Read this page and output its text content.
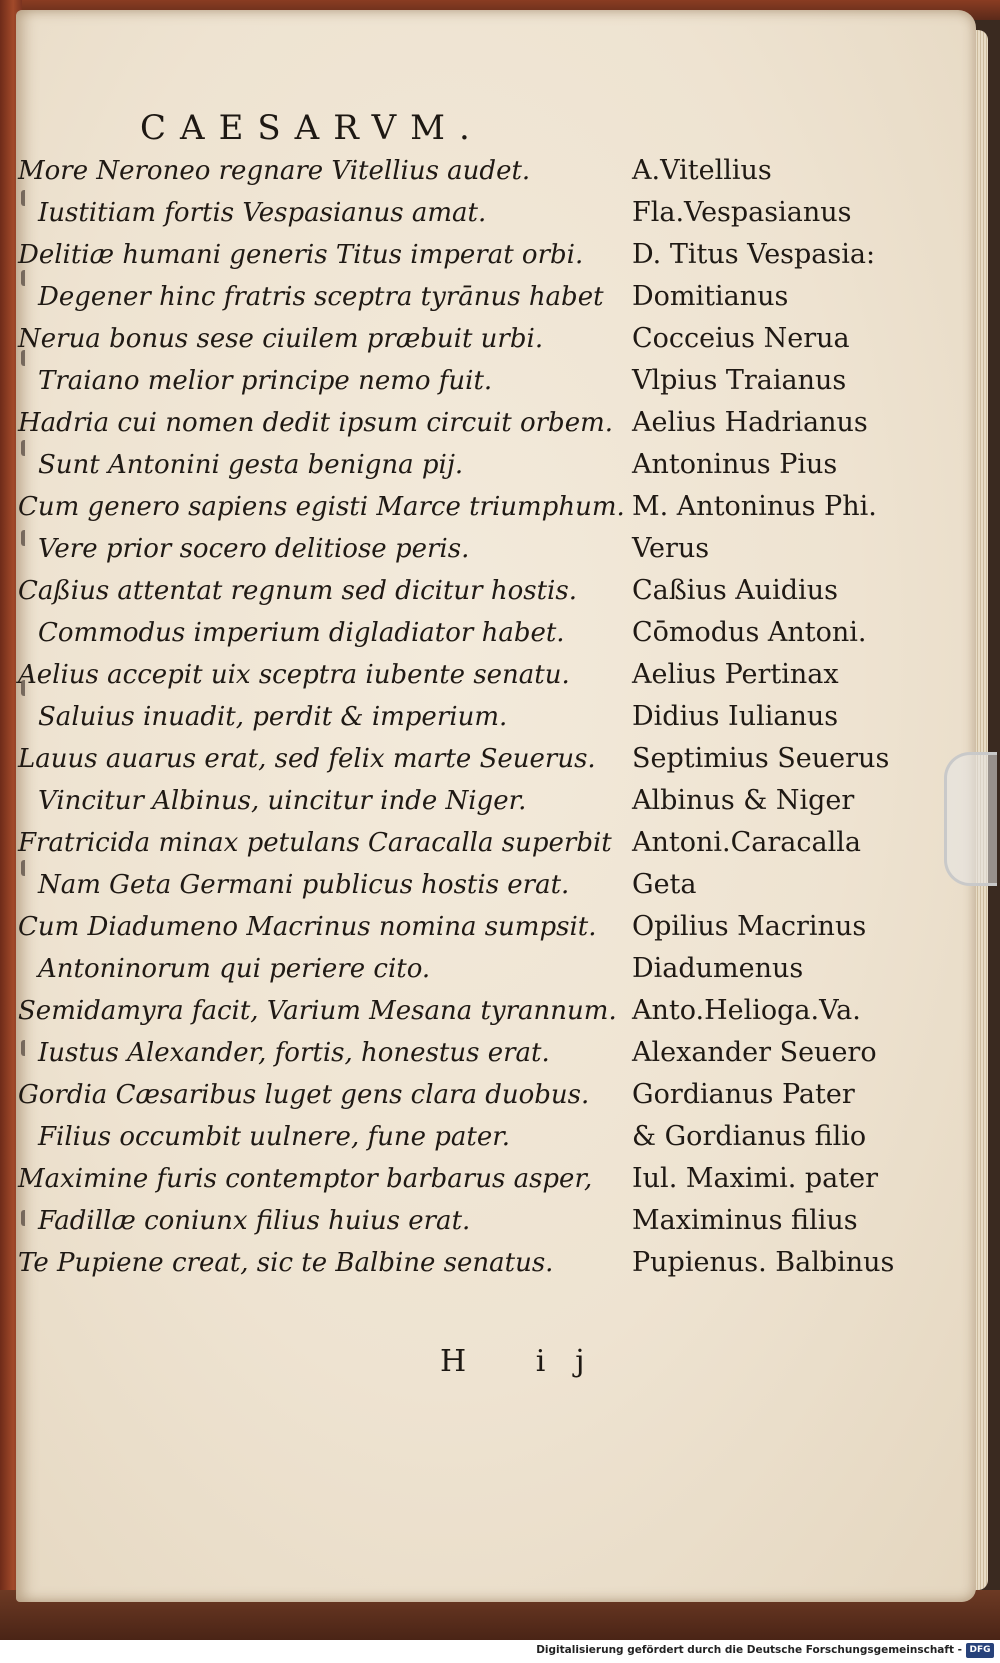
CAESARVM.
More Neroneo regnare Vitellius audet.
Iustitiam fortis Vespasianus amat.
Delitiæ humani generis Titus imperat orbi.
Degener hinc fratris sceptra tyrānus habet
Nerua bonus sese ciuilem præbuit urbi.
Traiano melior principe nemo fuit.
Hadria cui nomen dedit ipsum circuit orbem.
Sunt Antonini gesta benigna pij.
Cum genero sapiens egisti Marce triumphum.
Vere prior socero delitiose peris.
Caßius attentat regnum sed dicitur hostis.
Commodus imperium digladiator habet.
Aelius accepit uix sceptra iubente senatu.
Saluius inuadit, perdit & imperium.
Lauus auarus erat, sed felix marte Seuerus.
Vincitur Albinus, uincitur inde Niger.
Fratricida minax petulans Caracalla superbit
Nam Geta Germani publicus hostis erat.
Cum Diadumeno Macrinus nomina sumpsit.
Antoninorum qui periere cito.
Semidamyra facit, Varium Mesana tyrannum.
Iustus Alexander, fortis, honestus erat.
Gordia Cæsaribus luget gens clara duobus.
Filius occumbit uulnere, fune pater.
Maximine furis contemptor barbarus asper,
Fadillæ coniunx filius huius erat.
Te Pupiene creat, sic te Balbine senatus.
A.Vitellius
Fla.Vespasianus
D. Titus Vespasia:
Domitianus
Cocceius Nerua
Vlpius Traianus
Aelius Hadrianus
Antoninus Pius
M. Antoninus Phi.
Verus
Caßius Auidius
Cōmodus Antoni.
Aelius Pertinax
Didius Iulianus
Septimius Seuerus
Albinus & Niger
Antoni.Caracalla
Geta
Opilius Macrinus
Diadumenus
Anto.Heliogа.Va.
Alexander Seuero
Gordianus Pater
& Gordianus filio
Iul. Maximi. pater
Maximinus filius
Pupienus. Balbinus

H ij

Digitalisierung gefördert durch die Deutsche Forschungsgemeinschaft - DFG
